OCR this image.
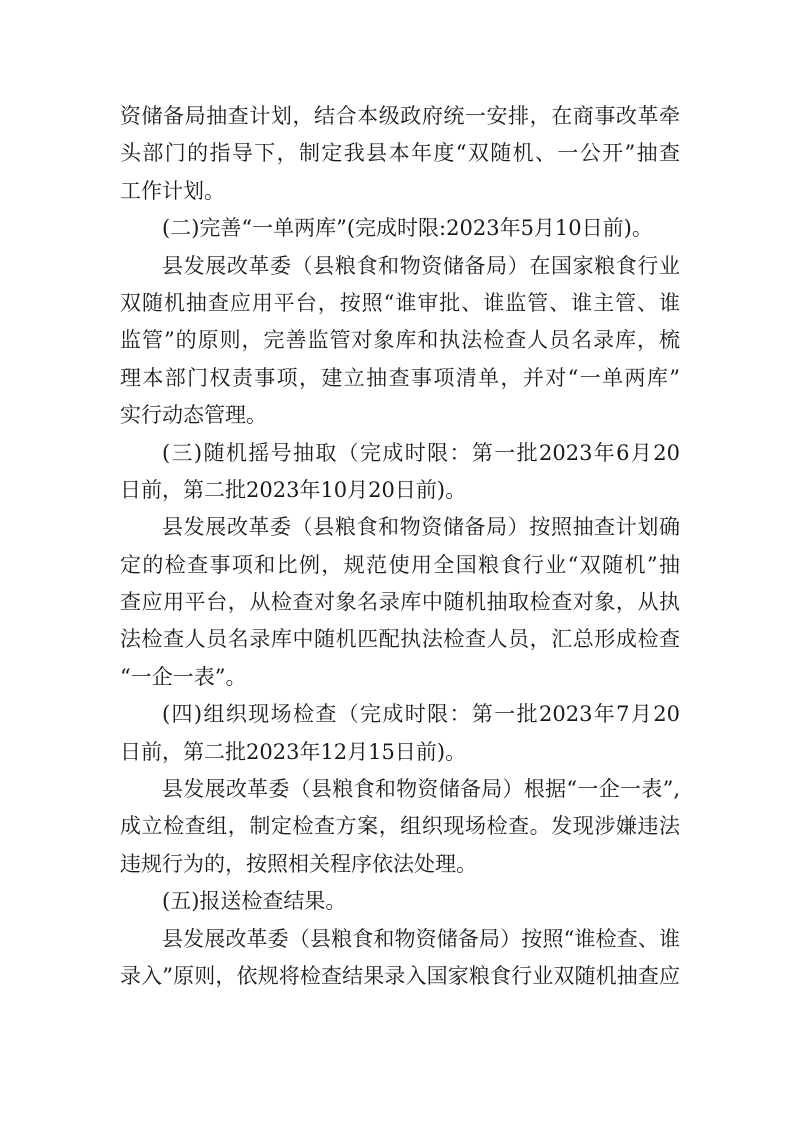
资储备局抽查计划，结合本级政府统一安排，在商事改革牵
头部门的指导下，制定我县本年度“双随机、一公开”抽查
工作计划。
(二)完善“一单两库”(完成时限:2023年5月10日前)。
县发展改革委（县粮食和物资储备局）在国家粮食行业
双随机抽查应用平台，按照“谁审批、谁监管、谁主管、谁
监管”的原则，完善监管对象库和执法检查人员名录库，梳
理本部门权责事项，建立抽查事项清单，并对“一单两库”
实行动态管理。
(三)随机摇号抽取（完成时限：第一批2023年6月20
日前，第二批2023年10月20日前)。
县发展改革委（县粮食和物资储备局）按照抽查计划确
定的检查事项和比例，规范使用全国粮食行业“双随机”抽
查应用平台，从检查对象名录库中随机抽取检查对象，从执
法检查人员名录库中随机匹配执法检查人员，汇总形成检查
“一企一表”。
(四)组织现场检查（完成时限：第一批2023年7月20
日前，第二批2023年12月15日前)。
县发展改革委（县粮食和物资储备局）根据“一企一表”,
成立检查组，制定检查方案，组织现场检查。发现涉嫌违法
违规行为的，按照相关程序依法处理。
(五)报送检查结果。
县发展改革委（县粮食和物资储备局）按照“谁检查、谁
录入”原则，依规将检查结果录入国家粮食行业双随机抽查应
